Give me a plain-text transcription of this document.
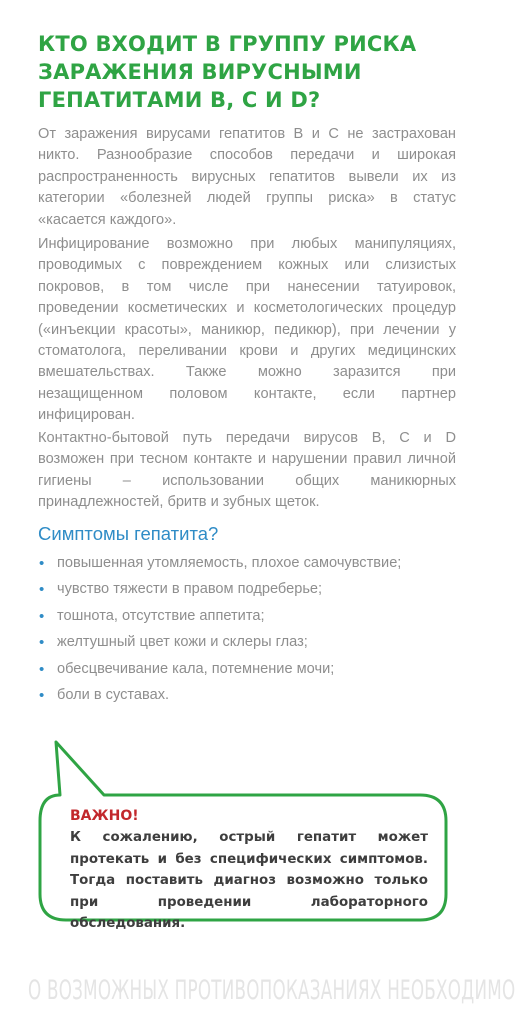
КТО ВХОДИТ В ГРУППУ РИСКА ЗАРАЖЕНИЯ ВИРУСНЫМИ ГЕПАТИТАМИ В, С И D?

От заражения вирусами гепатитов В и С не застрахован никто. Разнообразие способов передачи и широкая распространенность вирусных гепатитов вывели их из категории «болезней людей группы риска» в статус «касается каждого».

Инфицирование возможно при любых манипуляциях, проводимых с повреждением кожных или слизистых покровов, в том числе при нанесении татуировок, проведении косметических и косметологических процедур («инъекции красоты», маникюр, педикюр), при лечении у стоматолога, переливании крови и других медицинских вмешательствах. Также можно заразится при незащищенном половом контакте, если партнер инфицирован.

Контактно-бытовой путь передачи вирусов В, С и D возможен при тесном контакте и нарушении правил личной гигиены – использовании общих маникюрных принадлежностей, бритв и зубных щеток.

Симптомы гепатита?
• повышенная утомляемость, плохое самочувствие;
• чувство тяжести в правом подреберье;
• тошнота, отсутствие аппетита;
• желтушный цвет кожи и склеры глаз;
• обесцвечивание кала, потемнение мочи;
• боли в суставах.
ВАЖНО!
К сожалению, острый гепатит может протекать и без специфических симптомов. Тогда поставить диагноз возможно только при проведении лабораторного обследования.
О ВОЗМОЖНЫХ ПРОТИВОПОКАЗАНИЯХ НЕОБХОДИМО
